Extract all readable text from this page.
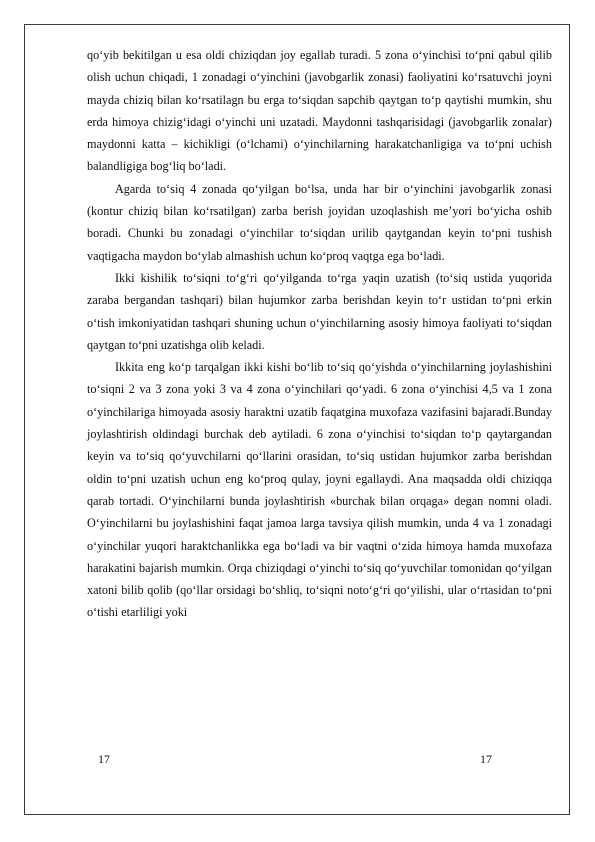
qo‘yib bekitilgan u esa oldi chiziqdan joy egallab turadi. 5 zona o‘yinchisi to‘pni qabul qilib olish uchun chiqadi, 1 zonadagi o‘yinchini (javobgarlik zonasi) faoliyatini ko‘rsatuvchi joyni mayda chiziq bilan ko‘rsatilagn bu erga to‘siqdan sapchib qaytgan to‘p qaytishi mumkin, shu erda himoya chizig‘idagi o‘yinchi uni uzatadi. Maydonni tashqarisidagi (javobgarlik zonalar) maydonni katta – kichikligi (o‘lchami) o‘yinchilarning harakatchanligiga va to‘pni uchish balandligiga bog‘liq bo‘ladi.

Agarda to‘siq 4 zonada qo‘yilgan bo‘lsa, unda har bir o‘yinchini javobgarlik zonasi (kontur chiziq bilan ko‘rsatilgan) zarba berish joyidan uzoqlashish me’yori bo‘yicha oshib boradi. Chunki bu zonadagi o‘yinchilar to‘siqdan urilib qaytgandan keyin to‘pni tushish vaqtigacha maydon bo‘ylab almashish uchun ko‘proq vaqtga ega bo‘ladi.

Ikki kishilik to‘siqni to‘g‘ri qo‘yilganda to‘rga yaqin uzatish (to‘siq ustida yuqorida zaraba bergandan tashqari) bilan hujumkor zarba berishdan keyin to‘r ustidan to‘pni erkin o‘tish imkoniyatidan tashqari shuning uchun o‘yinchilarning asosiy himoya faoliyati to‘siqdan qaytgan to‘pni uzatishga olib keladi.

Ikkita eng ko‘p tarqalgan ikki kishi bo‘lib to‘siq qo‘yishda o‘yinchilarning joylashishini to‘siqni 2 va 3 zona yoki 3 va 4 zona o‘yinchilari qo‘yadi. 6 zona o‘yinchisi 4,5 va 1 zona o‘yinchilariga himoyada asosiy haraktni uzatib faqatgina muxofaza vazifasini bajaradi.Bunday joylashtirish oldindagi burchak deb aytiladi. 6 zona o‘yinchisi to‘siqdan to‘p qaytargandan keyin va to‘siq qo‘yuvchilarni qo‘llarini orasidan, to‘siq ustidan hujumkor zarba berishdan oldin to‘pni uzatish uchun eng ko‘proq qulay, joyni egallaydi. Ana maqsadda oldi chiziqqa qarab tortadi. O‘yinchilarni bunda joylashtirish «burchak bilan orqaga» degan nomni oladi. O‘yinchilarni bu joylashishini faqat jamoa larga tavsiya qilish mumkin, unda 4 va 1 zonadagi o‘yinchilar yuqori haraktchanlikka ega bo‘ladi va bir vaqtni o‘zida himoya hamda muxofaza harakatini bajarish mumkin. Orqa chiziqdagi o‘yinchi to‘siq qo‘yuvchilar tomonidan qo‘yilgan xatoni bilib qolib (qo‘llar orsidagi bo‘shliq, to‘siqni noto‘g‘ri qo‘yilishi, ular o‘rtasidan to‘pni o‘tishi etarliligi yoki

17	17
